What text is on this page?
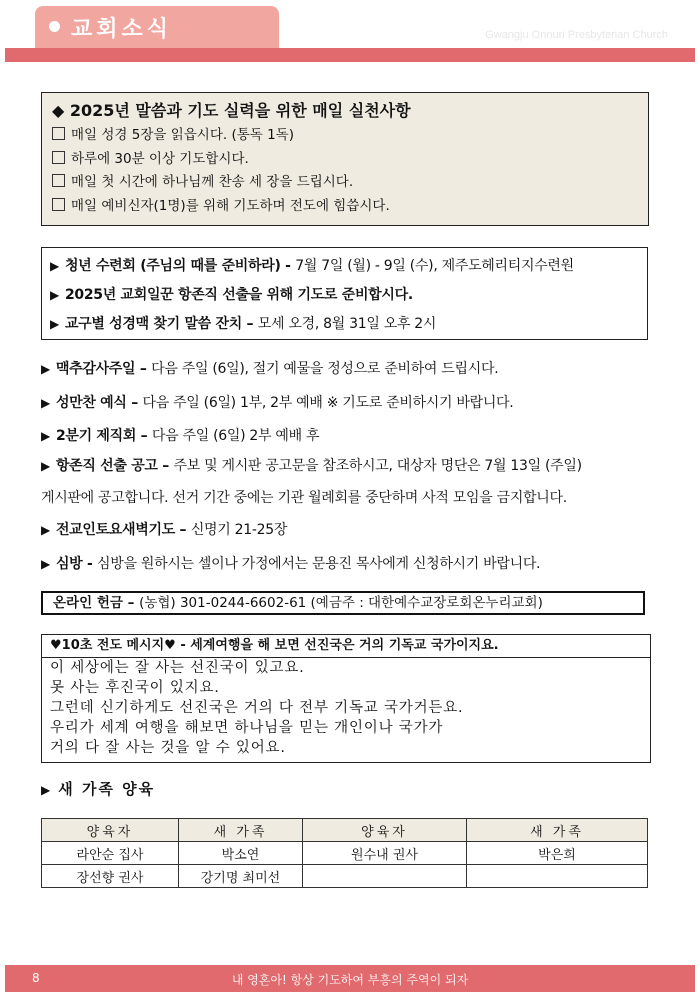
교회소식	Gwangju Onnuri Presbyterian Church
◆ 2025년 말씀과 기도 실력을 위한 매일 실천사항
매일 성경 5장을 읽읍시다. (통독 1독)
하루에 30분 이상 기도합시다.
매일 첫 시간에 하나님께 찬송 세 장을 드립시다.
매일 예비신자(1명)를 위해 기도하며 전도에 힘씁시다.
▶ 청년 수련회 (주님의 때를 준비하라) - 7월 7일 (월) - 9일 (수), 제주도헤리티지수련원
▶ 2025년 교회일꾼 항존직 선출을 위해 기도로 준비합시다.
▶ 교구별 성경맥 찾기 말씀 잔치 – 모세 오경, 8월 31일 오후 2시
▶ 맥추감사주일 – 다음 주일 (6일), 절기 예물을 정성으로 준비하여 드립시다.
▶ 성만찬 예식 – 다음 주일 (6일) 1부, 2부 예배 ※ 기도로 준비하시기 바랍니다.
▶ 2분기 제직회 – 다음 주일 (6일) 2부 예배 후
▶ 항존직 선출 공고 – 주보 및 게시판 공고문을 참조하시고, 대상자 명단은 7월 13일 (주일)
게시판에 공고합니다. 선거 기간 중에는 기관 월례회를 중단하며 사적 모임을 금지합니다.
▶ 전교인토요새벽기도 – 신명기 21-25장
▶ 심방 - 심방을 원하시는 셀이나 가정에서는 문용진 목사에게 신청하시기 바랍니다.
온라인 헌금 – (농협) 301-0244-6602-61 (예금주 : 대한예수교장로회온누리교회)
♥10초 전도 메시지♥ - 세계여행을 해 보면 선진국은 거의 기독교 국가이지요.
이 세상에는 잘 사는 선진국이 있고요.
못 사는 후진국이 있지요.
그런데 신기하게도 선진국은 거의 다 전부 기독교 국가거든요.
우리가 세계 여행을 해보면 하나님을 믿는 개인이나 국가가
거의 다 잘 사는 것을 알 수 있어요.
▶ 새 가족 양육
양육자	새 가족	양육자	새 가족
라안순 집사	박소연	원수내 권사	박은희
장선향 권사	강기명 최미선		
8	내 영혼아! 항상 기도하여 부흥의 주역이 되자
